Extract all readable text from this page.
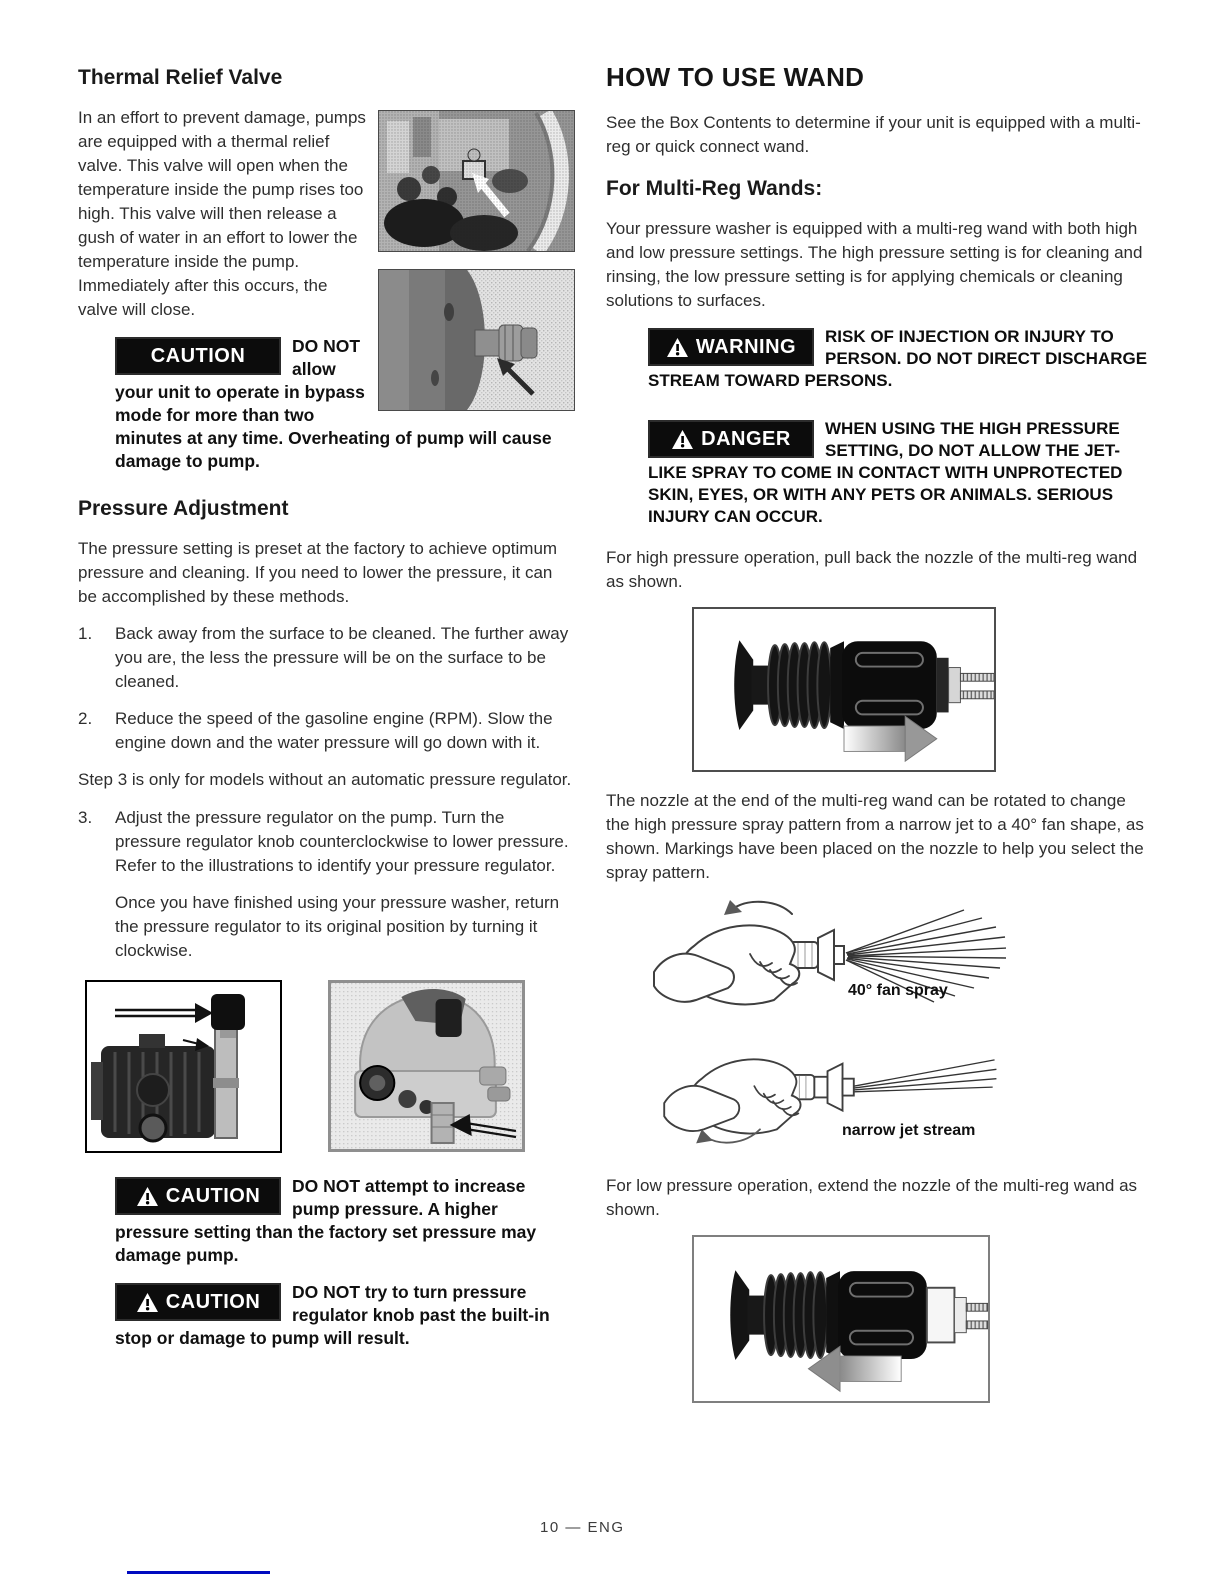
Thermal Relief Valve

In an effort to prevent damage, pumps are equipped with a thermal relief valve. This valve will open when the temperature inside the pump rises too high. This valve will then release a gush of water in an effort to lower the temperature inside the pump. Immediately after this occurs, the valve will close.

CAUTION	DO NOT allow your unit to operate in bypass mode for more than two minutes at any time. Overheating of pump will cause damage to pump.
Pressure Adjustment

The pressure setting is preset at the factory to achieve optimum pressure and cleaning. If you need to lower the pressure, it can be accomplished by these methods.

1.	Back away from the surface to be cleaned. The further away you are, the less the pressure will be on the surface to be cleaned.
2.	Reduce the speed of the gasoline engine (RPM). Slow the engine down and the water pressure will go down with it.

Step 3 is only for models without an automatic pressure regulator.

3.	Adjust the pressure regulator on the pump. Turn the pressure regulator knob counterclockwise to lower pressure. Refer to the illustrations to identify your pressure regulator.
Once you have finished using your pressure washer, return the pressure regulator to its original position by turning it clockwise.
CAUTION DO NOT attempt to increase pump pressure. A higher pressure setting than the factory set pressure may damage pump.
CAUTION DO NOT try to turn pressure regulator knob past the built-in stop or damage to pump will result.
HOW TO USE WAND

See the Box Contents to determine if your unit is equipped with a multi-reg or quick connect wand.

For Multi-Reg Wands:

Your pressure washer is equipped with a multi-reg wand with both high and low pressure settings. The high pressure setting is for cleaning and rinsing, the low pressure setting is for applying chemicals or cleaning solutions to surfaces.

WARNING RISK OF INJECTION OR INJURY TO PERSON. DO NOT DIRECT DISCHARGE STREAM TOWARD PERSONS.
DANGER WHEN USING THE HIGH PRESSURE SETTING, DO NOT ALLOW THE JET-LIKE SPRAY TO COME IN CONTACT WITH UNPROTECTED SKIN, EYES, OR WITH ANY PETS OR ANIMALS. SERIOUS INJURY CAN OCCUR.

For high pressure operation, pull back the nozzle of the multi-reg wand as shown.

The nozzle at the end of the multi-reg wand can be rotated to change the high pressure spray pattern from a narrow jet to a 40° fan shape, as shown. Markings have been placed on the nozzle to help you select the spray pattern.

40° fan spray
narrow jet stream

For low pressure operation, extend the nozzle of the multi-reg wand as shown.

10 — ENG
